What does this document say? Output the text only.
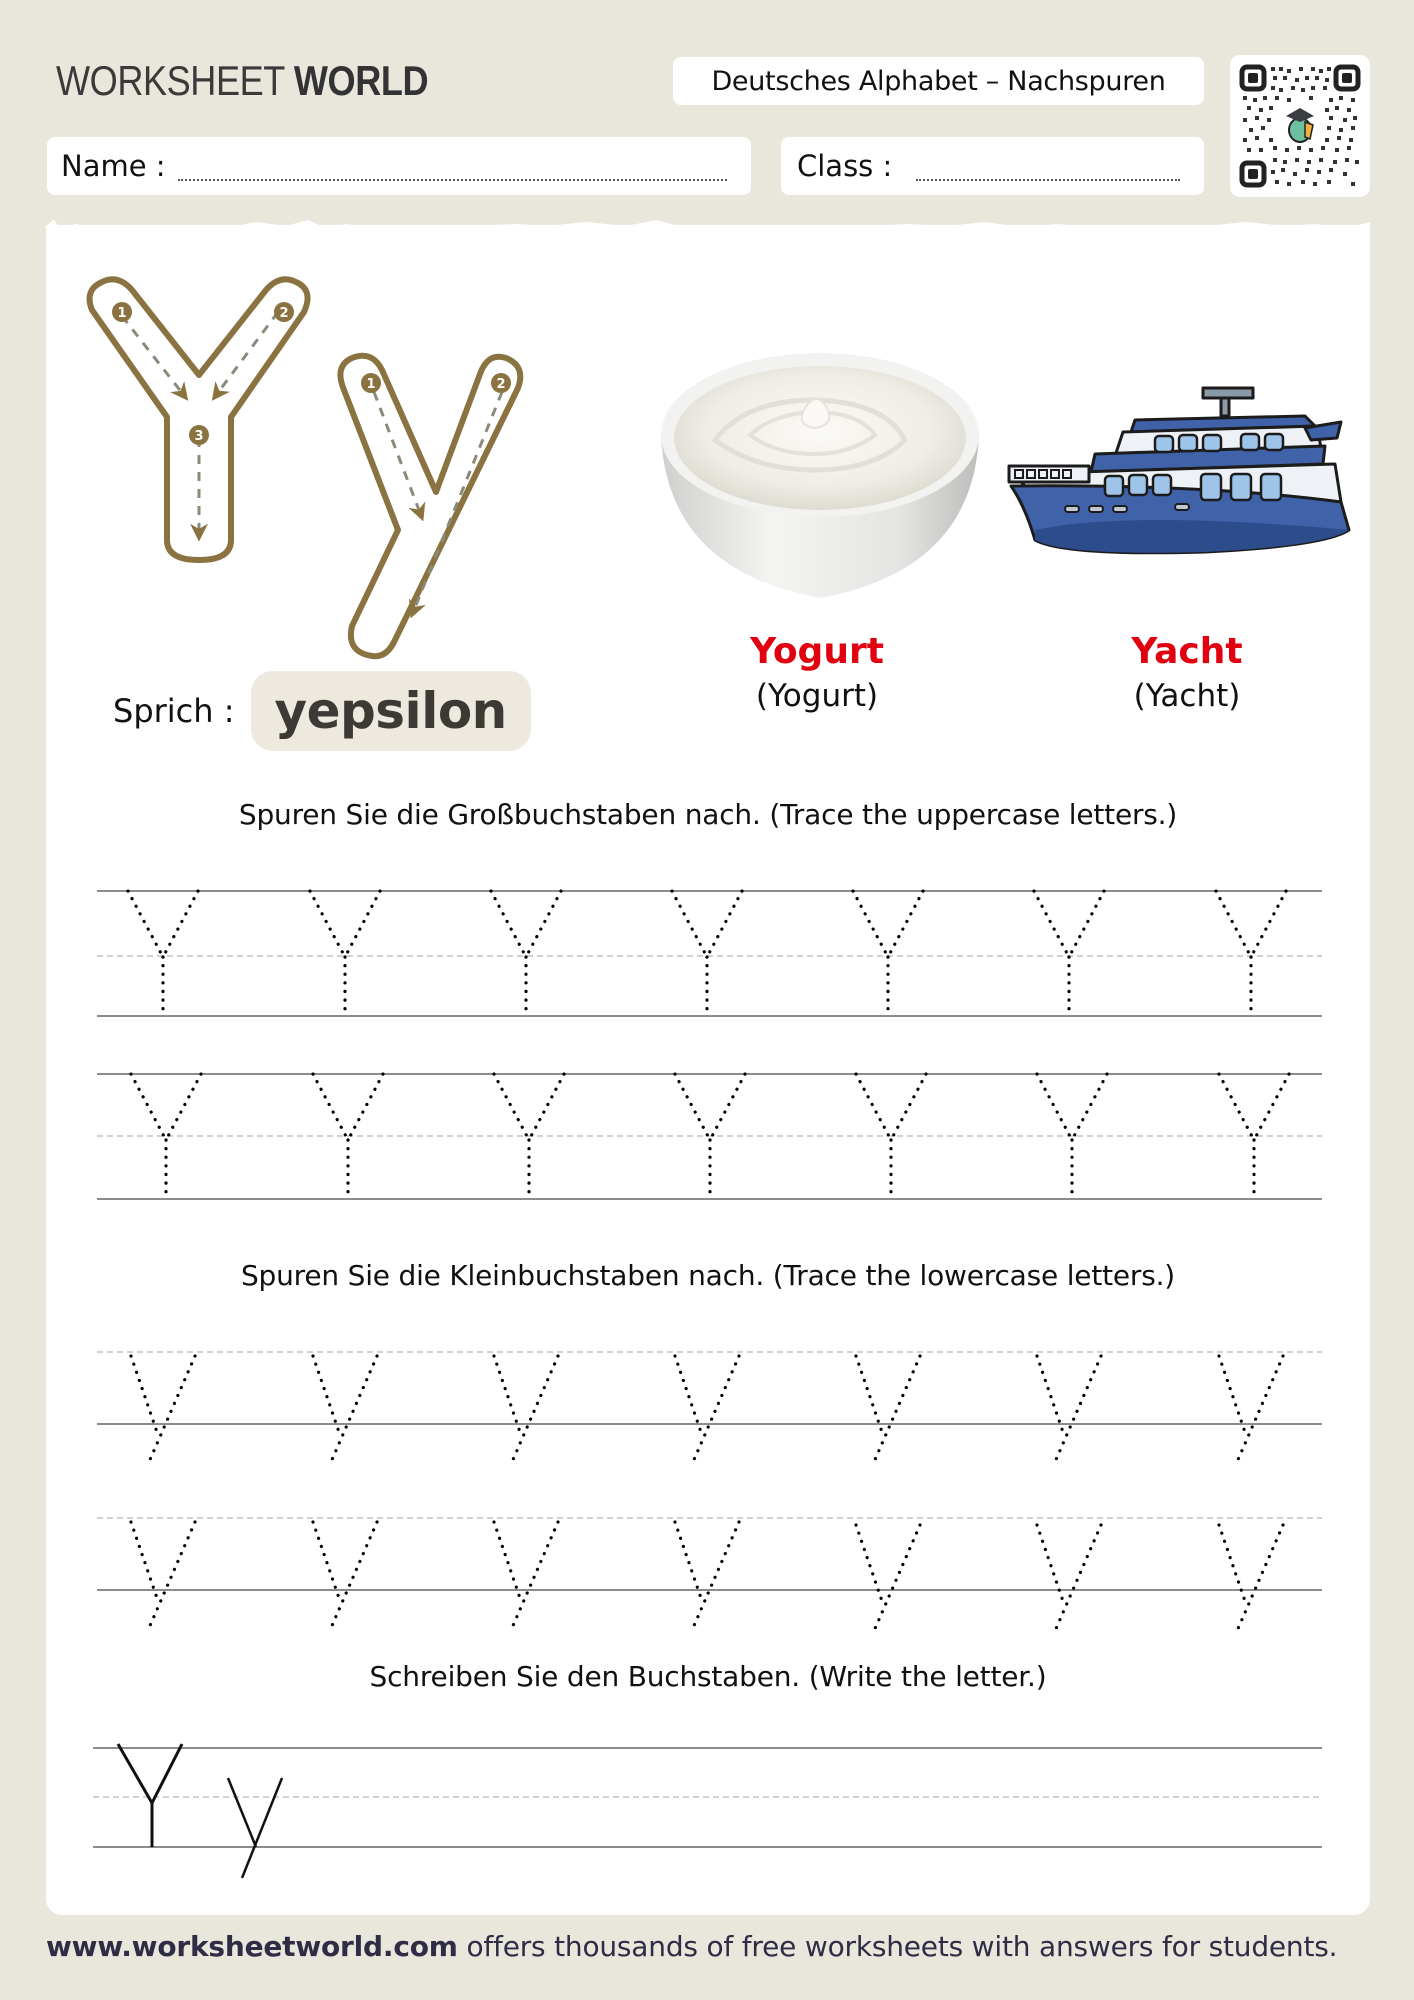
WORKSHEET WORLD	Deutsches Alphabet – Nachspuren
Name :	Class :
1	2
3
1	2
Sprich : yepsilon
Yogurt
(Yogurt)
Yacht
(Yacht)
Spuren Sie die Großbuchstaben nach. (Trace the uppercase letters.)
Spuren Sie die Kleinbuchstaben nach. (Trace the lowercase letters.)
Schreiben Sie den Buchstaben. (Write the letter.)
www.worksheetworld.com offers thousands of free worksheets with answers for students.
